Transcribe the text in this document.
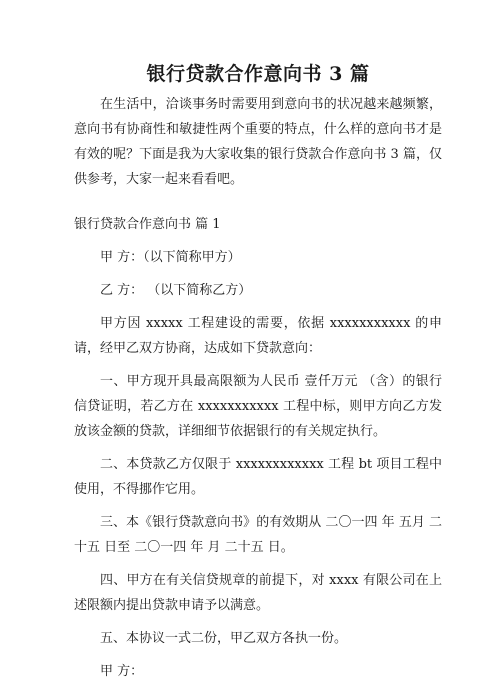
银行贷款合作意向书 3 篇

在生活中，洽谈事务时需要用到意向书的状况越来越频繁，意向书有协商性和敏捷性两个重要的特点，什么样的意向书才是有效的呢？下面是我为大家收集的银行贷款合作意向书 3 篇，仅供参考，大家一起来看看吧。

银行贷款合作意向书 篇 1

甲 方：（以下简称甲方）

乙 方： （以下简称乙方）

甲方因 xxxxx 工程建设的需要，依据 xxxxxxxxxxx 的申请，经甲乙双方协商，达成如下贷款意向：

一、甲方现开具最高限额为人民币 壹仟万元 （含）的银行信贷证明，若乙方在 xxxxxxxxxxx 工程中标，则甲方向乙方发放该金额的贷款，详细细节依据银行的有关规定执行。

二、本贷款乙方仅限于 xxxxxxxxxxxx 工程 bt 项目工程中使用，不得挪作它用。

三、本《银行贷款意向书》的有效期从 二〇一四 年 五月 二十五 日至 二〇一四 年 月 二十五 日。

四、甲方在有关信贷规章的前提下，对 xxxx 有限公司在上述限额内提出贷款申请予以满意。

五、本协议一式二份，甲乙双方各执一份。

甲 方：
